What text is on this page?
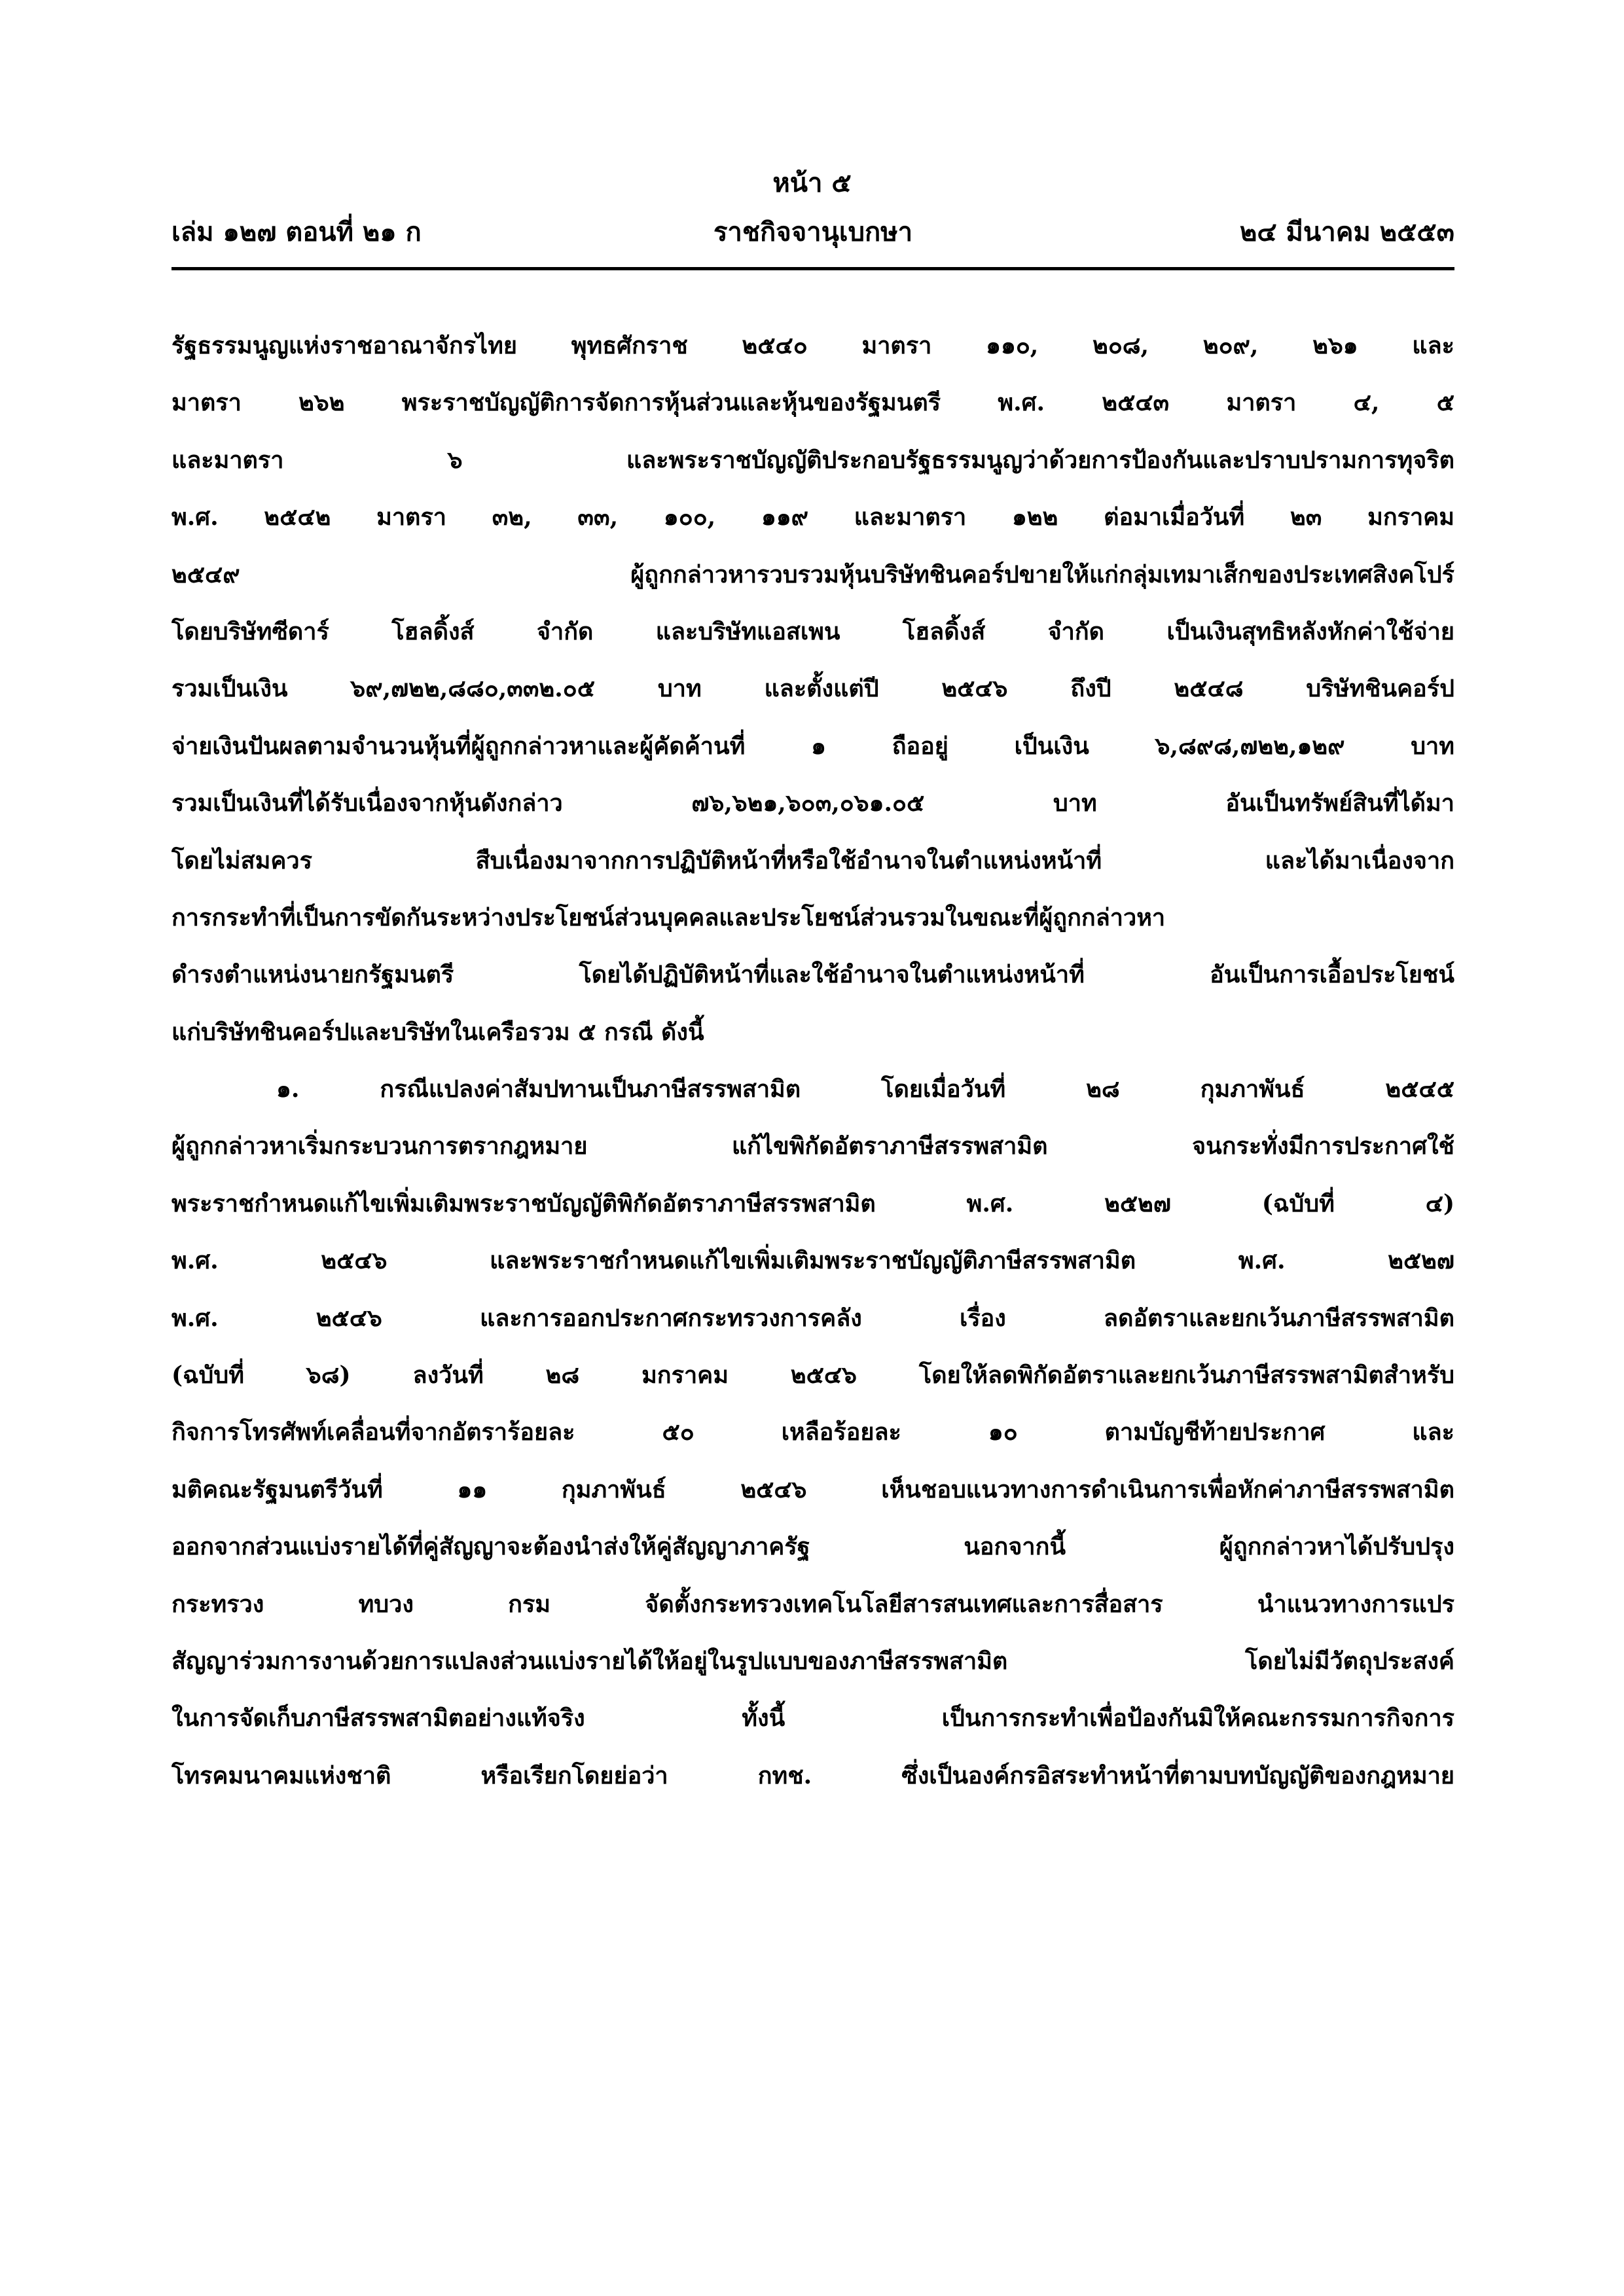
หน้า ๕
ราชกิจจานุเบกษา
เล่ม ๑๒๗ ตอนที่ ๒๑ ก	๒๔ มีนาคม ๒๕๕๓
รัฐธรรมนูญแห่งราชอาณาจักรไทย พุทธศักราช ๒๕๔๐ มาตรา ๑๑๐, ๒๐๘, ๒๐๙, ๒๖๑ และ
มาตรา ๒๖๒ พระราชบัญญัติการจัดการหุ้นส่วนและหุ้นของรัฐมนตรี พ.ศ. ๒๕๔๓ มาตรา ๔, ๕
และมาตรา ๖ และพระราชบัญญัติประกอบรัฐธรรมนูญว่าด้วยการป้องกันและปราบปรามการทุจริต
พ.ศ. ๒๕๔๒ มาตรา ๓๒, ๓๓, ๑๐๐, ๑๑๙ และมาตรา ๑๒๒ ต่อมาเมื่อวันที่ ๒๓ มกราคม
๒๕๔๙ ผู้ถูกกล่าวหารวบรวมหุ้นบริษัทชินคอร์ปขายให้แก่กลุ่มเทมาเส็กของประเทศสิงคโปร์
โดยบริษัทซีดาร์ โฮลดิ้งส์ จำกัด และบริษัทแอสเพน โฮลดิ้งส์ จำกัด เป็นเงินสุทธิหลังหักค่าใช้จ่าย
รวมเป็นเงิน ๖๙,๗๒๒,๘๘๐,๓๓๒.๐๕ บาท และตั้งแต่ปี ๒๕๔๖ ถึงปี ๒๕๔๘ บริษัทชินคอร์ป
จ่ายเงินปันผลตามจำนวนหุ้นที่ผู้ถูกกล่าวหาและผู้คัดค้านที่ ๑ ถืออยู่ เป็นเงิน ๖,๘๙๘,๗๒๒,๑๒๙ บาท
รวมเป็นเงินที่ได้รับเนื่องจากหุ้นดังกล่าว ๗๖,๖๒๑,๖๐๓,๐๖๑.๐๕ บาท อันเป็นทรัพย์สินที่ได้มา
โดยไม่สมควร สืบเนื่องมาจากการปฏิบัติหน้าที่หรือใช้อำนาจในตำแหน่งหน้าที่ และได้มาเนื่องจาก
การกระทำที่เป็นการขัดกันระหว่างประโยชน์ส่วนบุคคลและประโยชน์ส่วนรวมในขณะที่ผู้ถูกกล่าวหา
ดำรงตำแหน่งนายกรัฐมนตรี โดยได้ปฏิบัติหน้าที่และใช้อำนาจในตำแหน่งหน้าที่ อันเป็นการเอื้อประโยชน์
แก่บริษัทชินคอร์ปและบริษัทในเครือรวม ๕ กรณี ดังนี้
๑. กรณีแปลงค่าสัมปทานเป็นภาษีสรรพสามิต โดยเมื่อวันที่ ๒๘ กุมภาพันธ์ ๒๕๔๕
ผู้ถูกกล่าวหาเริ่มกระบวนการตรากฎหมาย แก้ไขพิกัดอัตราภาษีสรรพสามิต จนกระทั่งมีการประกาศใช้
พระราชกำหนดแก้ไขเพิ่มเติมพระราชบัญญัติพิกัดอัตราภาษีสรรพสามิต พ.ศ. ๒๕๒๗ (ฉบับที่ ๔)
พ.ศ. ๒๕๔๖ และพระราชกำหนดแก้ไขเพิ่มเติมพระราชบัญญัติภาษีสรรพสามิต พ.ศ. ๒๕๒๗
พ.ศ. ๒๕๔๖ และการออกประกาศกระทรวงการคลัง เรื่อง ลดอัตราและยกเว้นภาษีสรรพสามิต
(ฉบับที่ ๖๘) ลงวันที่ ๒๘ มกราคม ๒๕๔๖ โดยให้ลดพิกัดอัตราและยกเว้นภาษีสรรพสามิตสำหรับ
กิจการโทรศัพท์เคลื่อนที่จากอัตราร้อยละ ๕๐ เหลือร้อยละ ๑๐ ตามบัญชีท้ายประกาศ และ
มติคณะรัฐมนตรีวันที่ ๑๑ กุมภาพันธ์ ๒๕๔๖ เห็นชอบแนวทางการดำเนินการเพื่อหักค่าภาษีสรรพสามิต
ออกจากส่วนแบ่งรายได้ที่คู่สัญญาจะต้องนำส่งให้คู่สัญญาภาครัฐ นอกจากนี้ ผู้ถูกกล่าวหาได้ปรับปรุง
กระทรวง ทบวง กรม จัดตั้งกระทรวงเทคโนโลยีสารสนเทศและการสื่อสาร นำแนวทางการแปร
สัญญาร่วมการงานด้วยการแปลงส่วนแบ่งรายได้ให้อยู่ในรูปแบบของภาษีสรรพสามิต โดยไม่มีวัตถุประสงค์
ในการจัดเก็บภาษีสรรพสามิตอย่างแท้จริง ทั้งนี้ เป็นการกระทำเพื่อป้องกันมิให้คณะกรรมการกิจการ
โทรคมนาคมแห่งชาติ หรือเรียกโดยย่อว่า กทช. ซึ่งเป็นองค์กรอิสระทำหน้าที่ตามบทบัญญัติของกฎหมาย
